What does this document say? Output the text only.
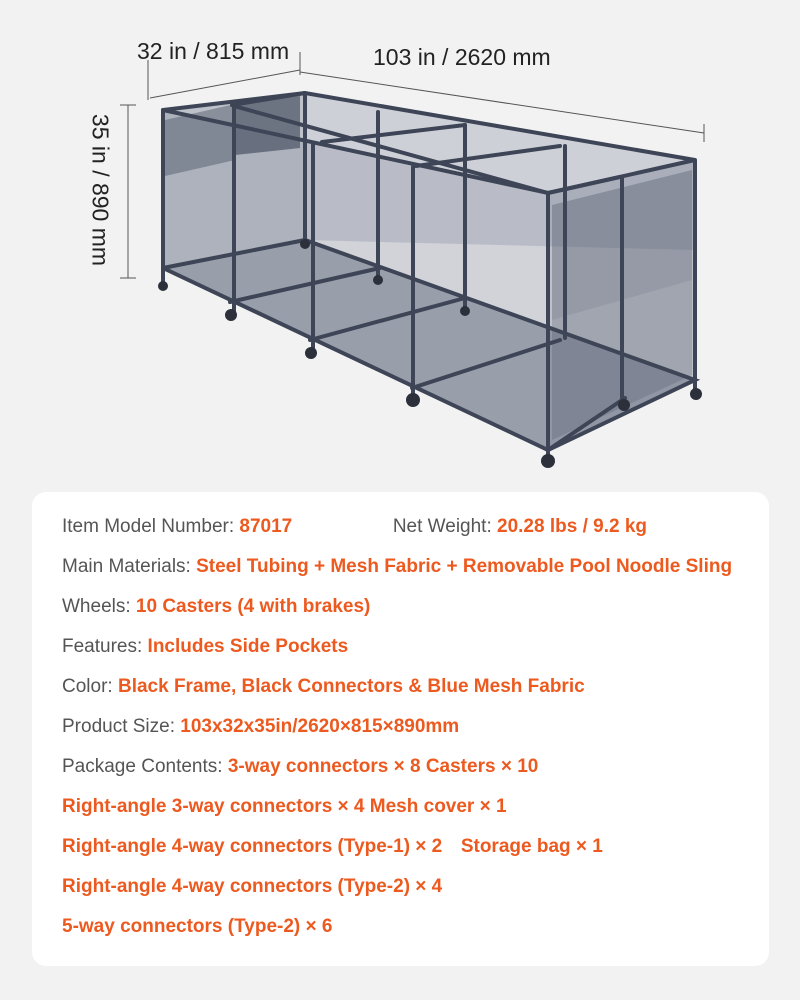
32 in / 815 mm	103 in / 2620 mm
35 in / 890 mm
Item Model Number: 87017	Net Weight: 20.28 lbs / 9.2 kg
Main Materials: Steel Tubing + Mesh Fabric + Removable Pool Noodle Sling
Wheels: 10 Casters (4 with brakes)
Features: Includes Side Pockets
Color: Black Frame, Black Connectors & Blue Mesh Fabric
Product Size: 103x32x35in/2620×815×890mm
Package Contents: 3-way connectors × 8 Casters × 10
Right-angle 3-way connectors × 4 Mesh cover × 1
Right-angle 4-way connectors (Type-1) × 2 Storage bag × 1
Right-angle 4-way connectors (Type-2) × 4
5-way connectors (Type-2) × 6
